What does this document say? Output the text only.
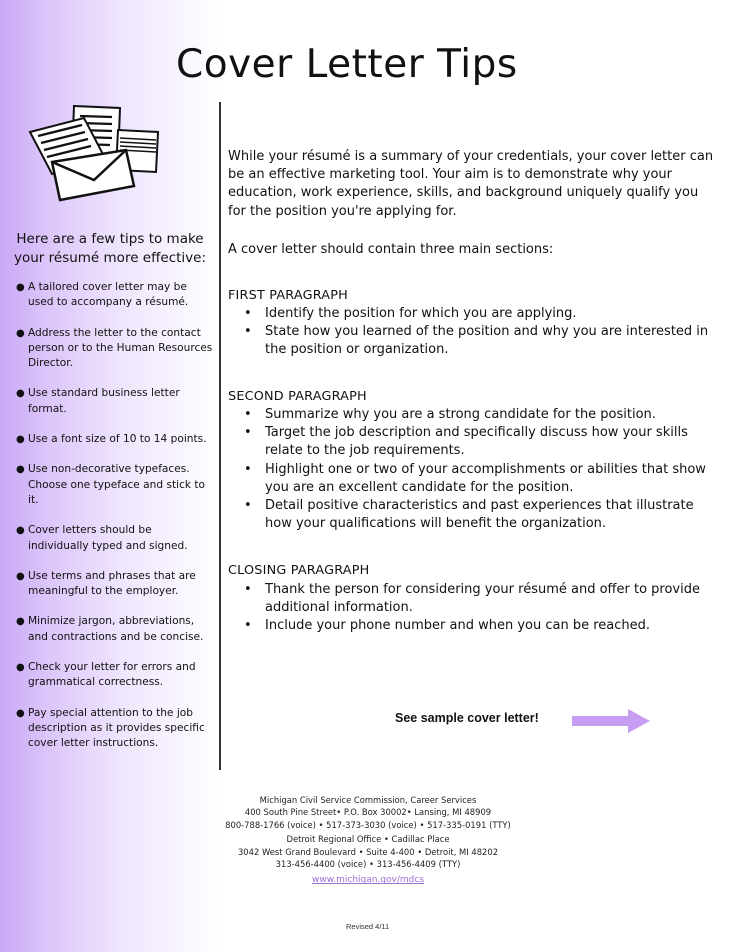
Cover Letter Tips
Here are a few tips to make your résumé more effective:
● A tailored cover letter may be used to accompany a résumé.
● Address the letter to the contact person or to the Human Resources Director.
● Use standard business letter format.
● Use a font size of 10 to 14 points.
● Use non-decorative typefaces. Choose one typeface and stick to it.
● Cover letters should be individually typed and signed.
● Use terms and phrases that are meaningful to the employer.
● Minimize jargon, abbreviations, and contractions and be concise.
● Check your letter for errors and grammatical correctness.
● Pay special attention to the job description as it provides specific cover letter instructions.

While your résumé is a summary of your credentials, your cover letter can be an effective marketing tool. Your aim is to demonstrate why your education, work experience, skills, and background uniquely qualify you for the position you're applying for.

A cover letter should contain three main sections:

FIRST PARAGRAPH
• Identify the position for which you are applying.
• State how you learned of the position and why you are interested in the position or organization.
SECOND PARAGRAPH
• Summarize why you are a strong candidate for the position.
• Target the job description and specifically discuss how your skills relate to the job requirements.
• Highlight one or two of your accomplishments or abilities that show you are an excellent candidate for the position.
• Detail positive characteristics and past experiences that illustrate how your qualifications will benefit the organization.
CLOSING PARAGRAPH
• Thank the person for considering your résumé and offer to provide additional information.
• Include your phone number and when you can be reached.
See sample cover letter!
Michigan Civil Service Commission, Career Services
400 South Pine Street• P.O. Box 30002• Lansing, MI 48909
800-788-1766 (voice) • 517-373-3030 (voice) • 517-335-0191 (TTY)
Detroit Regional Office • Cadillac Place
3042 West Grand Boulevard • Suite 4-400 • Detroit, MI 48202
313-456-4400 (voice) • 313-456-4409 (TTY)
www.michigan.gov/mdcs
Revised 4/11
